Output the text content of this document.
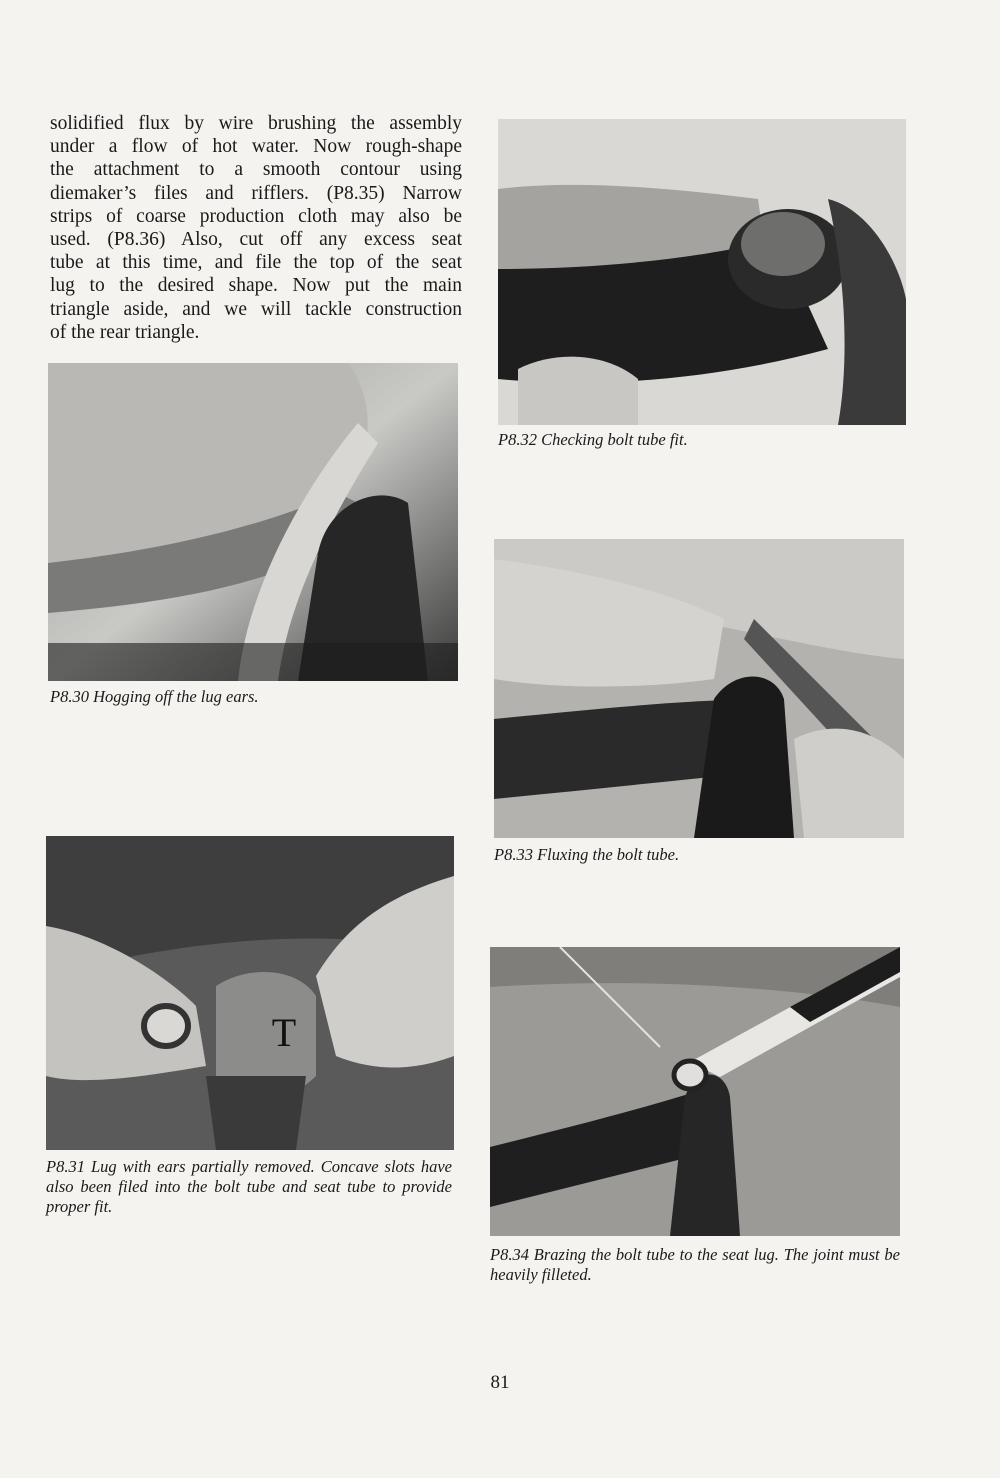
solidified flux by wire brushing the assembly
under a flow of hot water. Now rough-shape
the attachment to a smooth contour using
diemaker’s files and rifflers. (P8.35) Narrow
strips of coarse production cloth may also be
used. (P8.36) Also, cut off any excess seat
tube at this time, and file the top of the seat
lug to the desired shape. Now put the main
triangle aside, and we will tackle construction
of the rear triangle.

P8.30 Hogging off the lug ears.

T

P8.31 Lug with ears partially removed. Concave slots have also been filed into the bolt tube and seat tube to provide proper fit.

P8.32 Checking bolt tube fit.

P8.33 Fluxing the bolt tube.

P8.34 Brazing the bolt tube to the seat lug. The joint must be heavily filleted.

81
